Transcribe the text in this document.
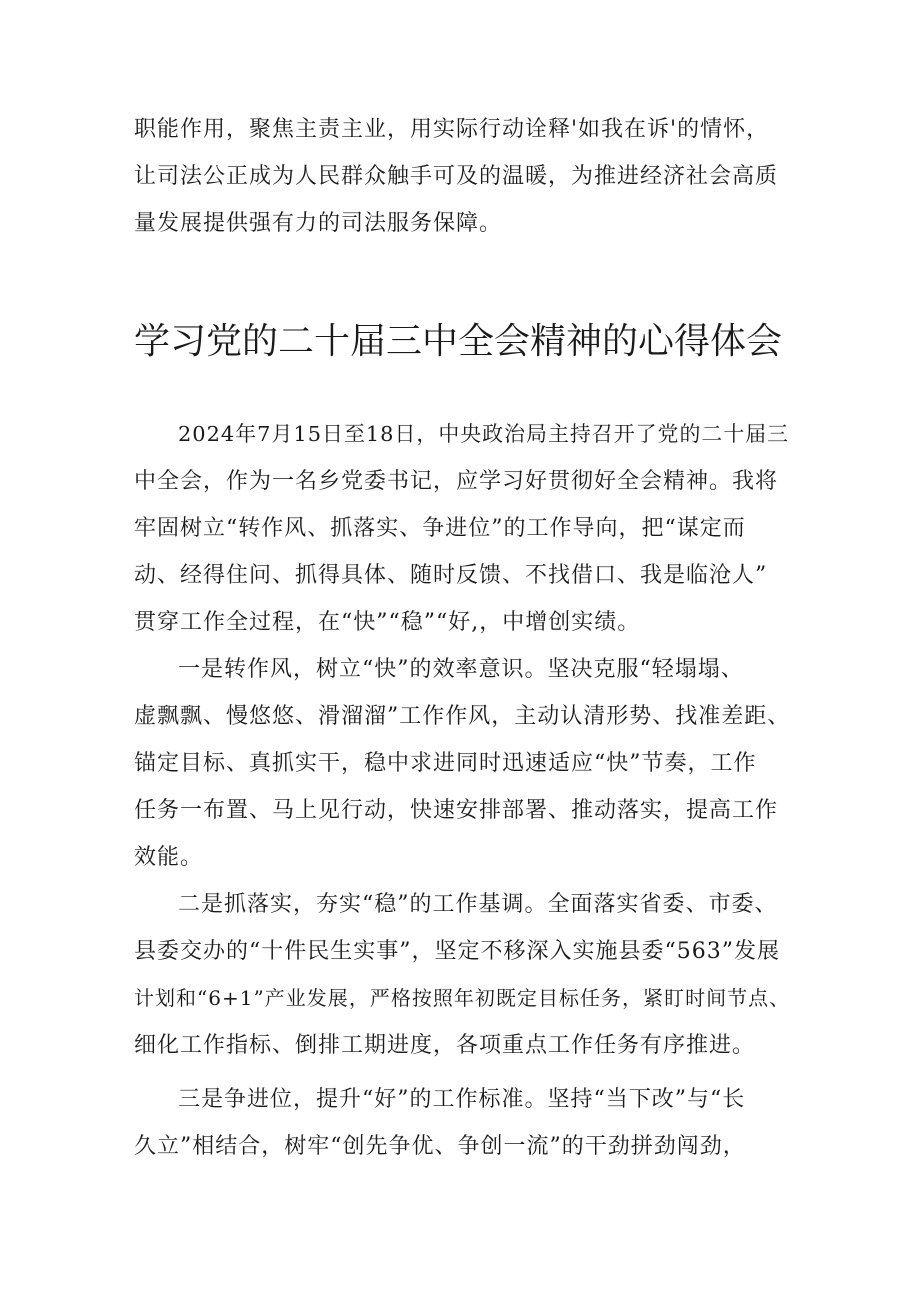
职能作用，聚焦主责主业，用实际行动诠释'如我在诉'的情怀，
让司法公正成为人民群众触手可及的温暖，为推进经济社会高质
量发展提供强有力的司法服务保障。
学习党的二十届三中全会精神的心得体会
2024年7月15日至18日，中央政治局主持召开了党的二十届三
中全会，作为一名乡党委书记，应学习好贯彻好全会精神。我将
牢固树立“转作风、抓落实、争进位”的工作导向，把“谋定而
动、经得住问、抓得具体、随时反馈、不找借口、我是临沧人”
贯穿工作全过程，在“快”“稳”“好,，中增创实绩。
一是转作风，树立“快”的效率意识。坚决克服“轻塌塌、
虚飘飘、慢悠悠、滑溜溜”工作作风，主动认清形势、找准差距、
锚定目标、真抓实干，稳中求进同时迅速适应“快”节奏，工作
任务一布置、马上见行动，快速安排部署、推动落实，提高工作
效能。
二是抓落实，夯实“稳”的工作基调。全面落实省委、市委、
县委交办的“十件民生实事”，坚定不移深入实施县委“563”发展
计划和“6+1”产业发展，严格按照年初既定目标任务，紧盯时间节点、
细化工作指标、倒排工期进度，各项重点工作任务有序推进。
三是争进位，提升“好”的工作标准。坚持“当下改”与“长
久立”相结合，树牢“创先争优、争创一流”的干劲拼劲闯劲，
